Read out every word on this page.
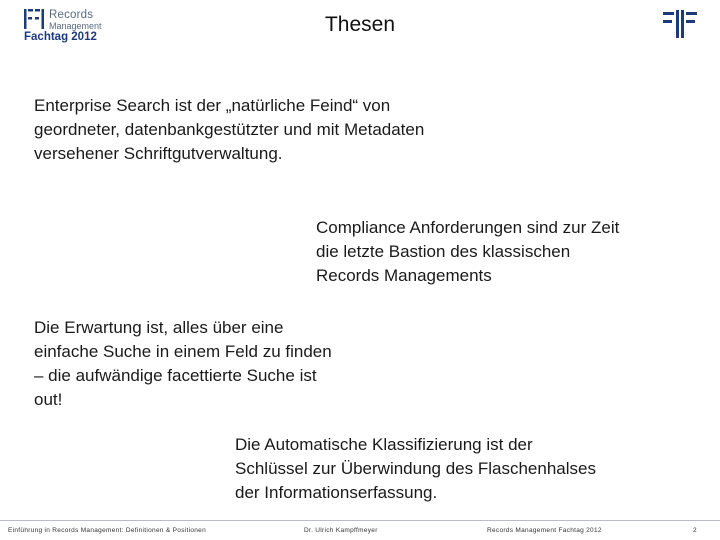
Records
Management
Fachtag 2012
Thesen
Enterprise Search ist der „natürliche Feind“ von
geordneter, datenbankgestützter und mit Metadaten
versehener Schriftgutverwaltung.
Compliance Anforderungen sind zur Zeit
die letzte Bastion des klassischen
Records Managements
Die Erwartung ist, alles über eine
einfache Suche in einem Feld zu finden
– die aufwändige facettierte Suche ist
out!
Die Automatische Klassifizierung ist der
Schlüssel zur Überwindung des Flaschenhalses
der Informationserfassung.
Einführung in Records Management: Definitionen & Positionen	Dr. Ulrich Kampffmeyer	Records Management Fachtag 2012	2
